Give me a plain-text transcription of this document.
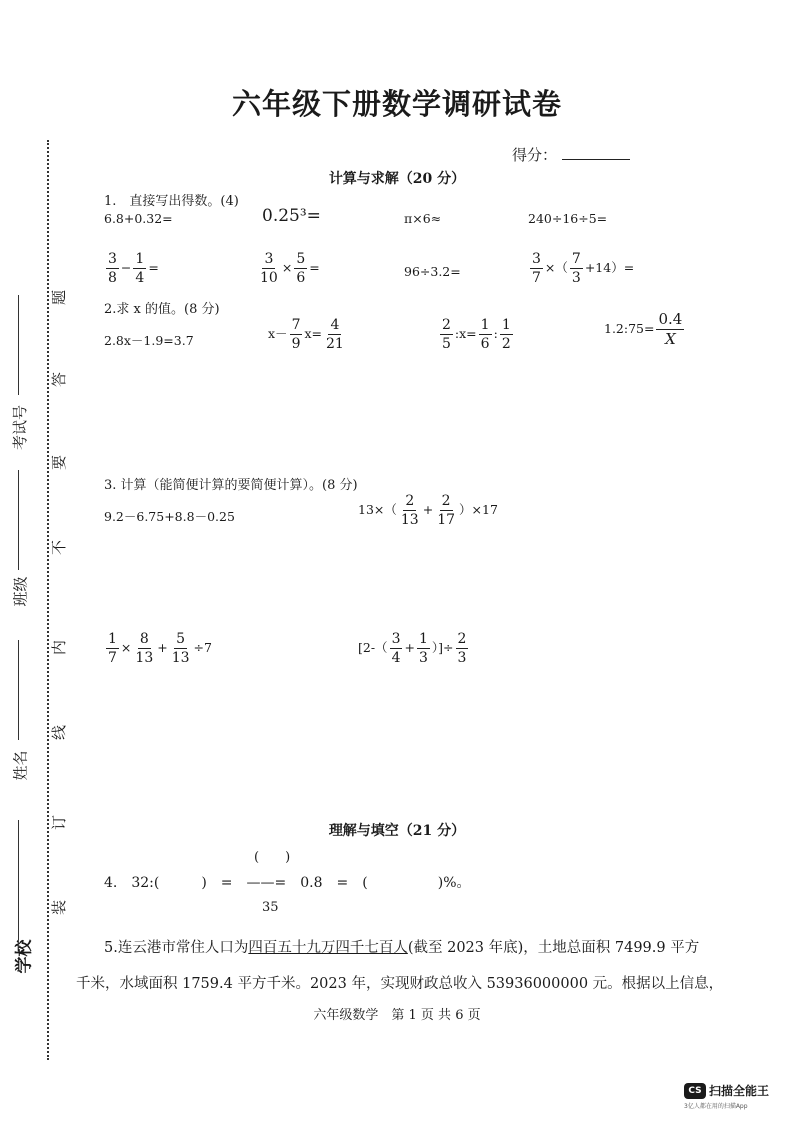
六年级下册数学调研试卷
得分：
学校
姓名
班级
考试号
装
订
线
内
不
要
答
题
计算与求解（20 分）
1.　直接写出得数。(4)
6.8+0.32=	0.25³=	π×6≈	240÷16÷5=
$\frac{3}{8} - \frac{1}{4}$ =	$\frac{3}{10} \times \frac{5}{6}$ =	96÷3.2=	$\frac{3}{7}$ ×（ $\frac{7}{3} +14)=$
2.求 x 的值。(8 分)
2.8x－1.9=3.7	$x- \frac{7}{9} x= \frac{4}{21}$	$\frac{2}{5}$ :x= $\frac{1}{6}$ : $\frac{1}{2}$	1.2:75= $\frac{0.4}{X}$
3. 计算（能简便计算的要简便计算）。(8 分)
9.2－6.75+8.8－0.25	$13\times( \frac{2}{13} + \frac{2}{17} )\times 17$
$\frac{1}{7} \times \frac{8}{13} + \frac{5}{13} \div 7$	[$2-( \frac{3}{4} + \frac{1}{3}$ ）]÷ $\frac{2}{3}$
理解与填空（21 分）
(　　)
4.　32:(　　　)　=　——=　0.8　=　(　　　　　)%。
35
5.连云港市常住人口为四百五十九万四千七百人(截至 2023 年底)，土地总面积 7499.9 平方
千米，水域面积 1759.4 平方千米。2023 年，实现财政总收入 53936000000 元。根据以上信息，
六年级数学　第 1 页 共 6 页
CS 扫描全能王
3亿人都在用的扫描App
